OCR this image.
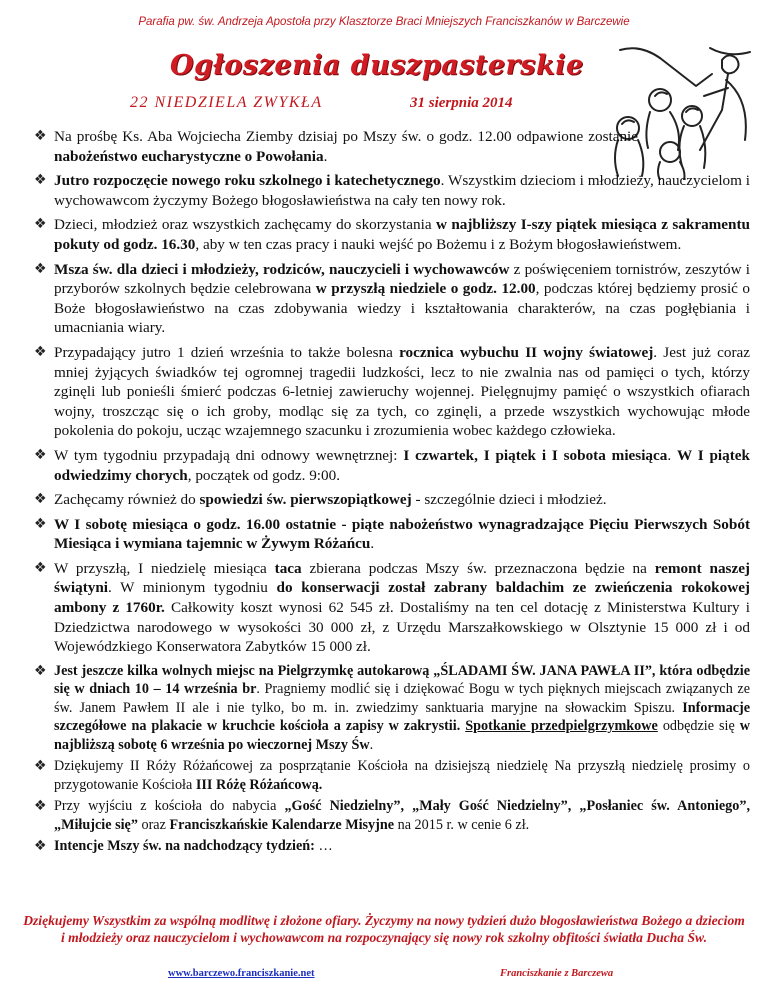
Parafia pw. św. Andrzeja Apostoła przy Klasztorze Braci Mniejszych Franciszkanów w Barczewie
Ogłoszenia duszpasterskie
22 NIEDZIELA ZWYKŁA	31 sierpnia 2014
❖ Na prośbę Ks. Aba Wojciecha Ziemby dzisiaj po Mszy św. o godz. 12.00 odpawione zostanie nabożeństwo eucharystyczne o Powołania.
❖ Jutro rozpoczęcie nowego roku szkolnego i katechetycznego. Wszystkim dzieciom i młodzieży, nauczycielom i wychowawcom życzymy Bożego błogosławieństwa na cały ten nowy rok.
❖ Dzieci, młodzież oraz wszystkich zachęcamy do skorzystania w najbliższy I-szy piątek miesiąca z sakramentu pokuty od godz. 16.30, aby w ten czas pracy i nauki wejść po Bożemu i z Bożym błogosławieństwem.
❖ Msza św. dla dzieci i młodzieży, rodziców, nauczycieli i wychowawców z poświęceniem tornistrów, zeszytów i przyborów szkolnych będzie celebrowana w przyszłą niedziele o godz. 12.00, podczas której będziemy prosić o Boże błogosławieństwo na czas zdobywania wiedzy i kształtowania charakterów, na czas pogłębiania i umacniania wiary.
❖ Przypadający jutro 1 dzień września to także bolesna rocznica wybuchu II wojny światowej. Jest już coraz mniej żyjących świadków tej ogromnej tragedii ludzkości, lecz to nie zwalnia nas od pamięci o tych, którzy zginęli lub ponieśli śmierć podczas 6-letniej zawieruchy wojennej. Pielęgnujmy pamięć o wszystkich ofiarach wojny, troszcząc się o ich groby, modląc się za tych, co zginęli, a przede wszystkich wychowując młode pokolenia do pokoju, ucząc wzajemnego szacunku i zrozumienia wobec każdego człowieka.
❖ W tym tygodniu przypadają dni odnowy wewnętrznej: I czwartek, I piątek i I sobota miesiąca. W I piątek odwiedzimy chorych, początek od godz. 9:00.
❖ Zachęcamy również do spowiedzi św. pierwszopiątkowej - szczególnie dzieci i młodzież.
❖ W I sobotę miesiąca o godz. 16.00 ostatnie - piąte nabożeństwo wynagradzające Pięciu Pierwszych Sobót Miesiąca i wymiana tajemnic w Żywym Różańcu.
❖ W przyszłą, I niedzielę miesiąca taca zbierana podczas Mszy św. przeznaczona będzie na remont naszej świątyni. W minionym tygodniu do konserwacji został zabrany baldachim ze zwieńczenia rokokowej ambony z 1760r. Całkowity koszt wynosi 62 545 zł. Dostaliśmy na ten cel dotację z Ministerstwa Kultury i Dziedzictwa narodowego w wysokości 30 000 zł, z Urzędu Marszałkowskiego w Olsztynie 15 000 zł i od Wojewódzkiego Konserwatora Zabytków 15 000 zł.
❖ Jest jeszcze kilka wolnych miejsc na Pielgrzymkę autokarową „ŚLADAMI ŚW. JANA PAWŁA II”, która odbędzie się w dniach 10 – 14 września br. Pragniemy modlić się i dziękować Bogu w tych pięknych miejscach związanych ze św. Janem Pawłem II ale i nie tylko, bo m. in. zwiedzimy sanktuaria maryjne na słowackim Spiszu. Informacje szczegółowe na plakacie w kruchcie kościoła a zapisy w zakrystii. Spotkanie przedpielgrzymkowe odbędzie się w najbliższą sobotę 6 września po wieczornej Mszy Św.
❖ Dziękujemy II Róży Różańcowej za posprzątanie Kościoła na dzisiejszą niedzielę Na przyszłą niedzielę prosimy o przygotowanie Kościoła III Różę Różańcową.
❖ Przy wyjściu z kościoła do nabycia „Gość Niedzielny”, „Mały Gość Niedzielny”, „Posłaniec św. Antoniego”, „Miłujcie się” oraz Franciszkańskie Kalendarze Misyjne na 2015 r. w cenie 6 zł.
❖ Intencje Mszy św. na nadchodzący tydzień: …
Dziękujemy Wszystkim za wspólną modlitwę i złożone ofiary. Życzymy na nowy tydzień dużo błogosławieństwa Bożego a dzieciom i młodzieży oraz nauczycielom i wychowawcom na rozpoczynający się nowy rok szkolny obfitości światła Ducha Św.
www.barczewo.franciszkanie.net	Franciszkanie z Barczewa
